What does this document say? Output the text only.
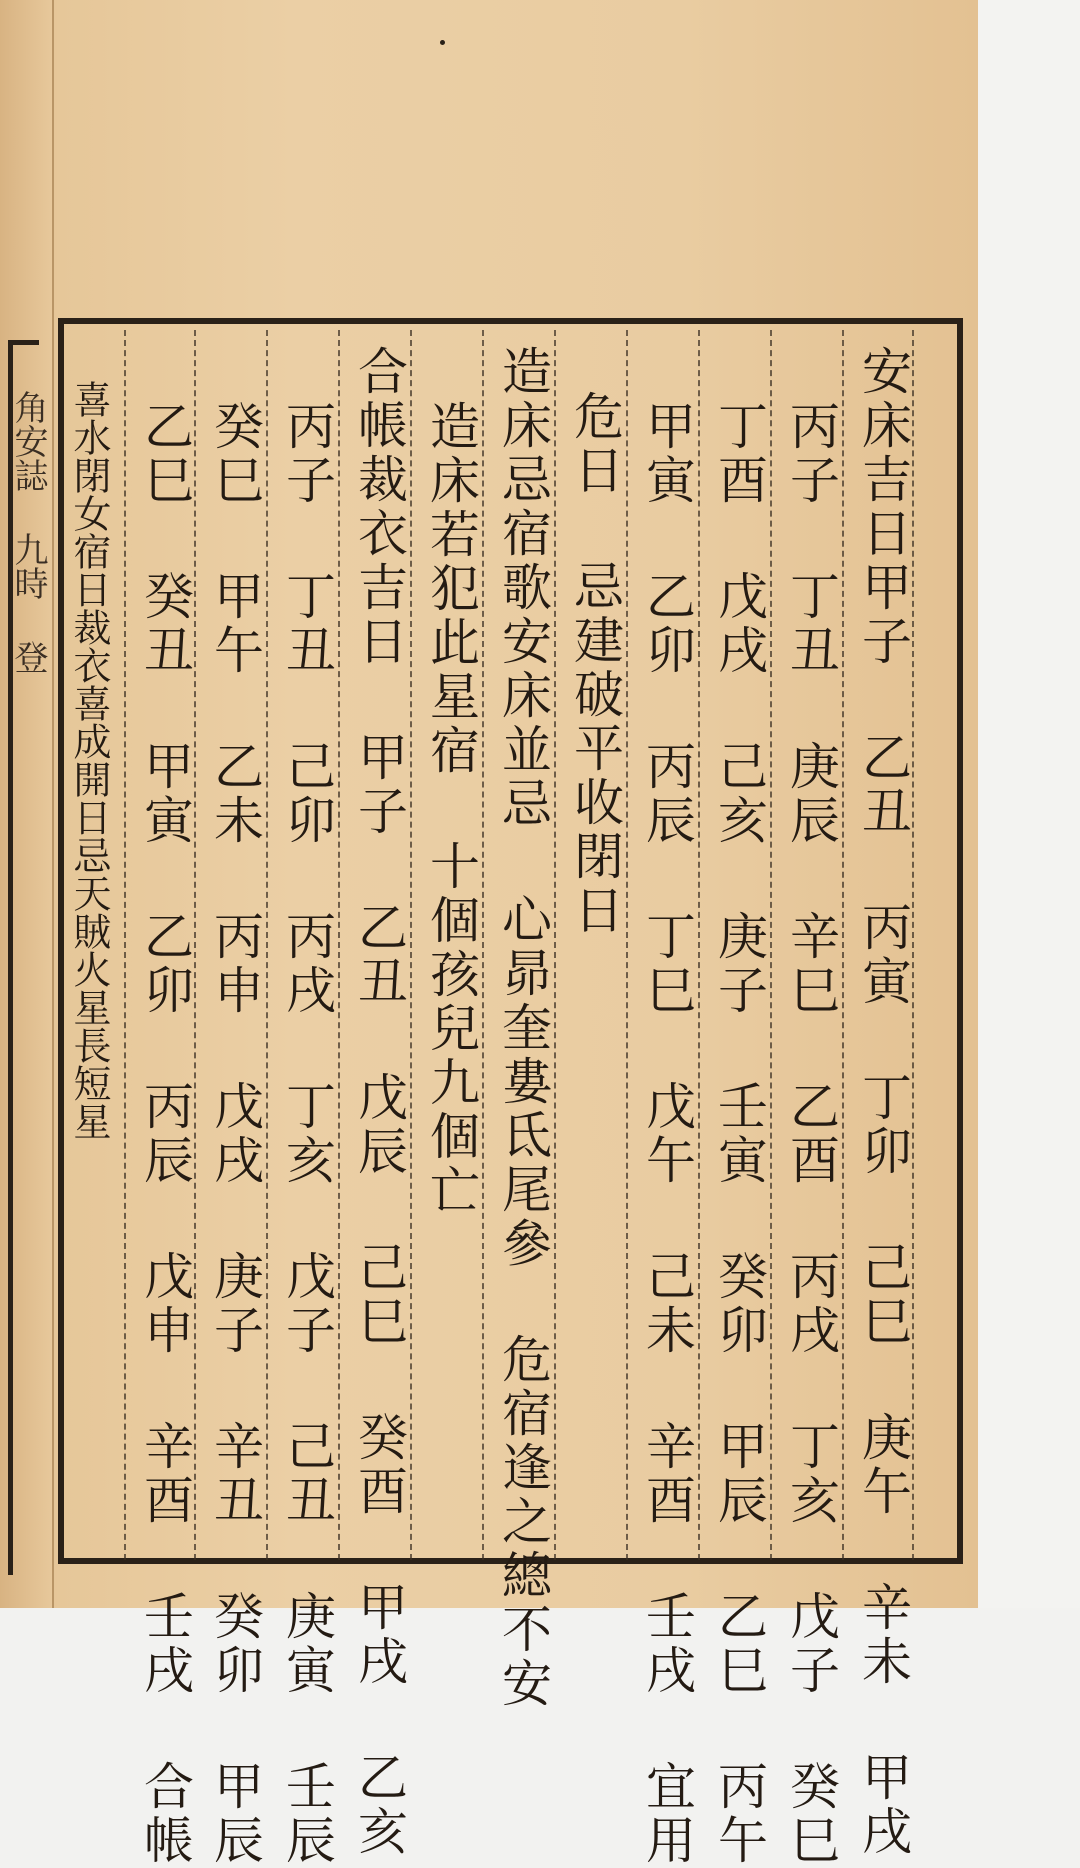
角安誌 九時 登	安床吉日甲子 乙丑 丙寅 丁卯 己巳 庚午 辛未 甲戌
丙子 丁丑 庚辰 辛巳 乙酉 丙戌 丁亥 戊子 癸巳
丁酉 戊戌 己亥 庚子 壬寅 癸卯 甲辰 乙巳 丙午
甲寅 乙卯 丙辰 丁巳 戊午 己未 辛酉 壬戌 宜用
危日 忌建破平收閉日
造床忌宿歌安床並忌 心昴奎婁氐尾參 危宿逢之總不安
造床若犯此星宿 十個孩兒九個亡
合帳裁衣吉日 甲子 乙丑 戊辰 己巳 癸酉 甲戌 乙亥
丙子 丁丑 己卯 丙戌 丁亥 戊子 己丑 庚寅 壬辰
癸巳 甲午 乙未 丙申 戊戌 庚子 辛丑 癸卯 甲辰
乙巳 癸丑 甲寅 乙卯 丙辰 戊申 辛酉 壬戌 合帳
喜水閉女宿日裁衣喜成開日忌天賊火星長短星
